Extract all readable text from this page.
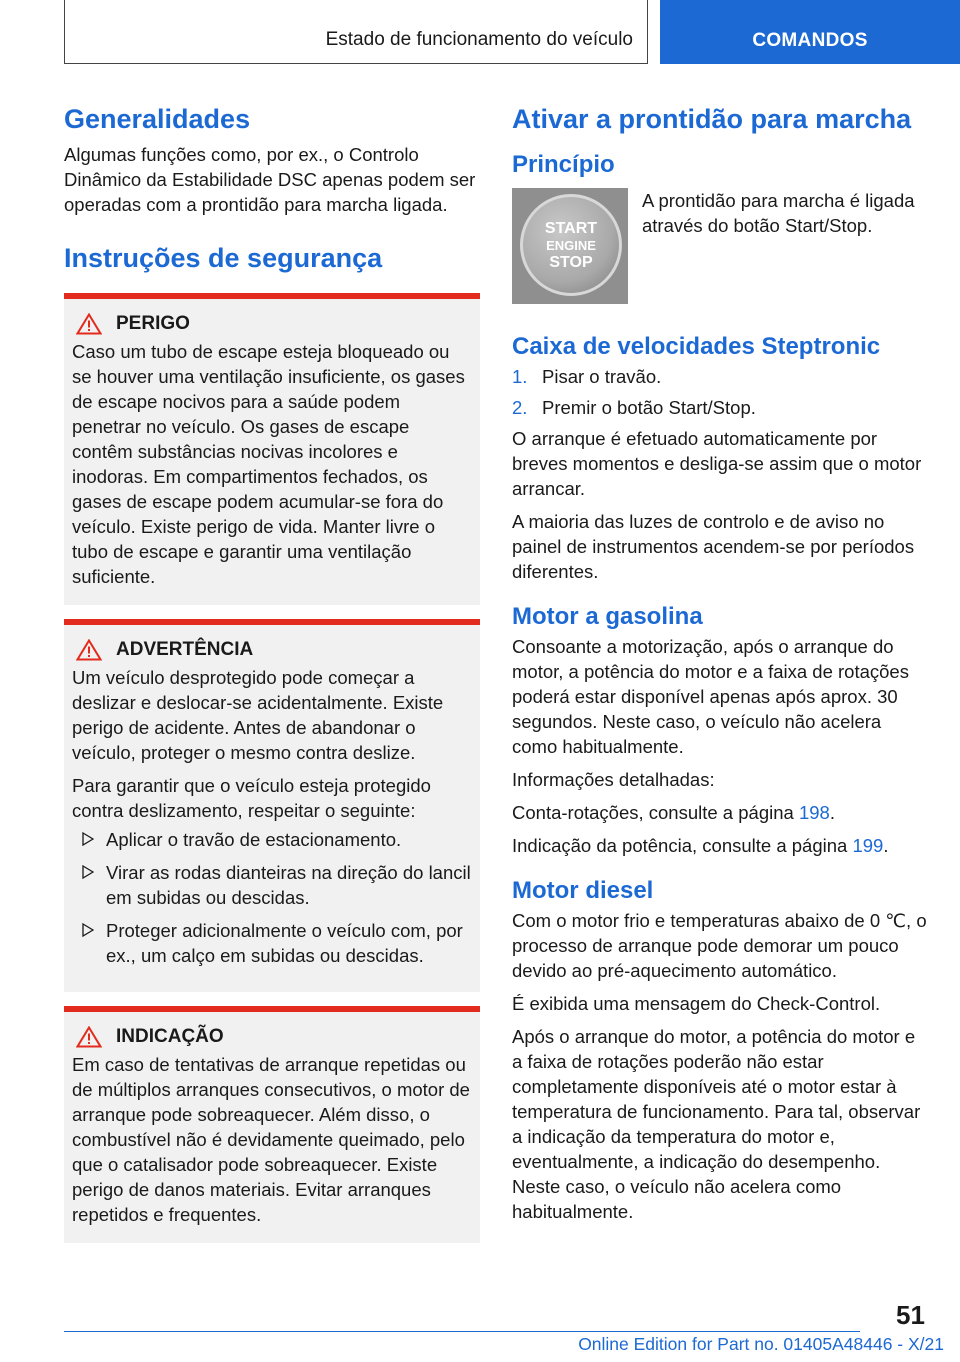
Estado de funcionamento do veículo	COMANDOS
Generalidades

Algumas funções como, por ex., o Controlo Dinâmico da Estabilidade DSC apenas podem ser operadas com a prontidão para marcha ligada.

Instruções de segurança
PERIGO

Caso um tubo de escape esteja bloqueado ou se houver uma ventilação insuficiente, os gases de escape nocivos para a saúde podem penetrar no veículo. Os gases de escape contêm substâncias nocivas incolores e inodoras. Em compartimentos fechados, os gases de escape podem acumular-se fora do veículo. Existe perigo de vida. Manter livre o tubo de escape e garantir uma ventilação suficiente.

ADVERTÊNCIA

Um veículo desprotegido pode começar a deslizar e deslocar-se acidentalmente. Existe perigo de acidente. Antes de abandonar o veículo, proteger o mesmo contra deslize.

Para garantir que o veículo esteja protegido contra deslizamento, respeitar o seguinte:

Aplicar o travão de estacionamento.
Virar as rodas dianteiras na direção do lancil em subidas ou descidas.
Proteger adicionalmente o veículo com, por ex., um calço em subidas ou descidas.
INDICAÇÃO

Em caso de tentativas de arranque repetidas ou de múltiplos arranques consecutivos, o motor de arranque pode sobreaquecer. Além disso, o combustível não é devidamente queimado, pelo que o catalisador pode sobreaquecer. Existe perigo de danos materiais. Evitar arranques repetidos e frequentes.

Ativar a prontidão para marcha
Princípio
START
ENGINE
STOP

A prontidão para marcha é ligada através do botão Start/Stop.

Caixa de velocidades Steptronic
1. Pisar o travão.
2. Premir o botão Start/Stop.

O arranque é efetuado automaticamente por breves momentos e desliga-se assim que o motor arrancar.

A maioria das luzes de controlo e de aviso no painel de instrumentos acendem-se por períodos diferentes.

Motor a gasolina

Consoante a motorização, após o arranque do motor, a potência do motor e a faixa de rotações poderá estar disponível apenas após aprox. 30 segundos. Neste caso, o veículo não acelera como habitualmente.

Informações detalhadas:

Conta-rotações, consulte a página 198.

Indicação da potência, consulte a página 199.

Motor diesel

Com o motor frio e temperaturas abaixo de 0 ℃, o processo de arranque pode demorar um pouco devido ao pré-aquecimento automático.

É exibida uma mensagem do Check-Control.

Após o arranque do motor, a potência do motor e a faixa de rotações poderão não estar completamente disponíveis até o motor estar à temperatura de funcionamento. Para tal, observar a indicação da temperatura do motor e, eventualmente, a indicação do desempenho. Neste caso, o veículo não acelera como habitualmente.

51
Online Edition for Part no. 01405A48446 - X/21
